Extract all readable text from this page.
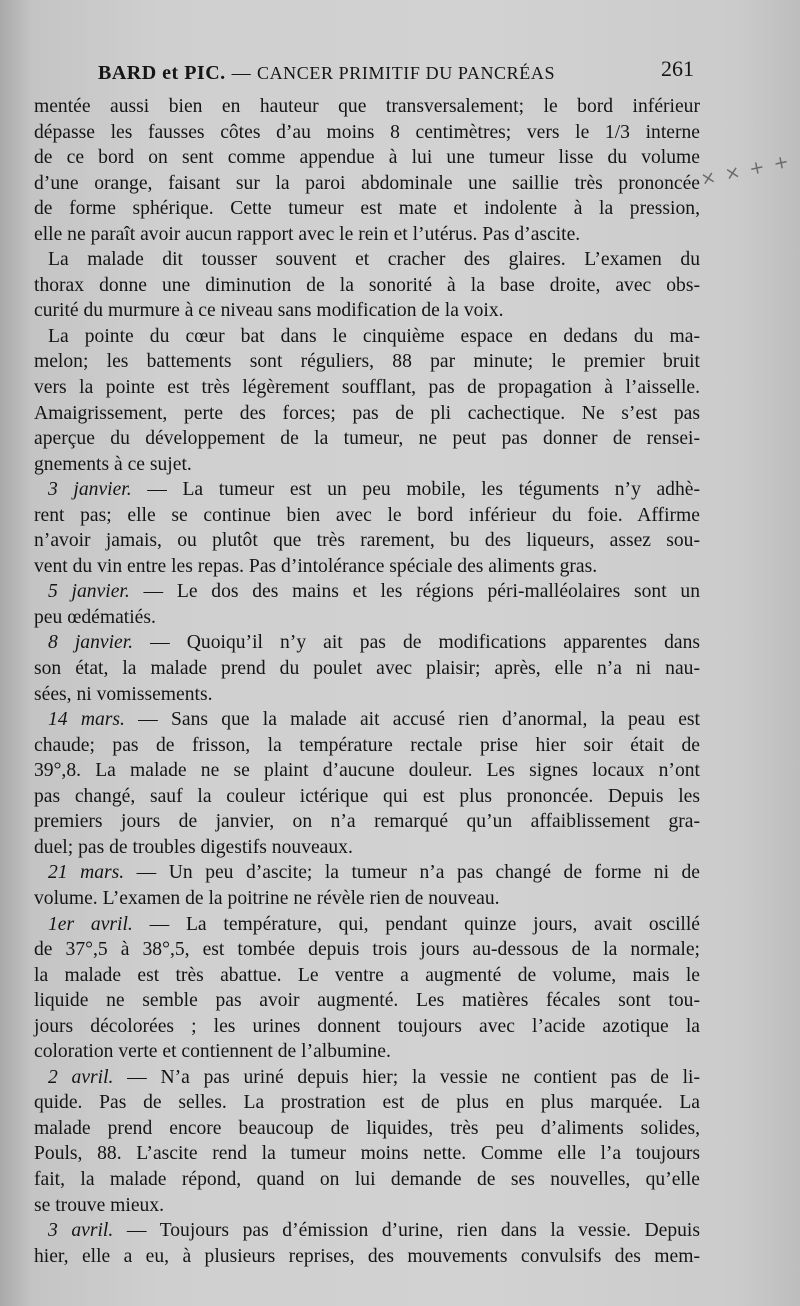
BARD et PIC. — CANCER PRIMITIF DU PANCRÉAS	261
× × + +
mentée aussi bien en hauteur que transversalement; le bord inférieur
dépasse les fausses côtes d’au moins 8 centimètres; vers le 1/3 interne
de ce bord on sent comme appendue à lui une tumeur lisse du volume
d’une orange, faisant sur la paroi abdominale une saillie très prononcée
de forme sphérique. Cette tumeur est mate et indolente à la pression,
elle ne paraît avoir aucun rapport avec le rein et l’utérus. Pas d’ascite.
La malade dit tousser souvent et cracher des glaires. L’examen du
thorax donne une diminution de la sonorité à la base droite, avec obs-
curité du murmure à ce niveau sans modification de la voix.
La pointe du cœur bat dans le cinquième espace en dedans du ma-
melon; les battements sont réguliers, 88 par minute; le premier bruit
vers la pointe est très légèrement soufflant, pas de propagation à l’aisselle.
Amaigrissement, perte des forces; pas de pli cachectique. Ne s’est pas
aperçue du développement de la tumeur, ne peut pas donner de rensei-
gnements à ce sujet.
3 janvier. — La tumeur est un peu mobile, les téguments n’y adhè-
rent pas; elle se continue bien avec le bord inférieur du foie. Affirme
n’avoir jamais, ou plutôt que très rarement, bu des liqueurs, assez sou-
vent du vin entre les repas. Pas d’intolérance spéciale des aliments gras.
5 janvier. — Le dos des mains et les régions péri-malléolaires sont un
peu œdématiés.
8 janvier. — Quoiqu’il n’y ait pas de modifications apparentes dans
son état, la malade prend du poulet avec plaisir; après, elle n’a ni nau-
sées, ni vomissements.
14 mars. — Sans que la malade ait accusé rien d’anormal, la peau est
chaude; pas de frisson, la température rectale prise hier soir était de
39°,8. La malade ne se plaint d’aucune douleur. Les signes locaux n’ont
pas changé, sauf la couleur ictérique qui est plus prononcée. Depuis les
premiers jours de janvier, on n’a remarqué qu’un affaiblissement gra-
duel; pas de troubles digestifs nouveaux.
21 mars. — Un peu d’ascite; la tumeur n’a pas changé de forme ni de
volume. L’examen de la poitrine ne révèle rien de nouveau.
1er avril. — La température, qui, pendant quinze jours, avait oscillé
de 37°,5 à 38°,5, est tombée depuis trois jours au-dessous de la normale;
la malade est très abattue. Le ventre a augmenté de volume, mais le
liquide ne semble pas avoir augmenté. Les matières fécales sont tou-
jours décolorées ; les urines donnent toujours avec l’acide azotique la
coloration verte et contiennent de l’albumine.
2 avril. — N’a pas uriné depuis hier; la vessie ne contient pas de li-
quide. Pas de selles. La prostration est de plus en plus marquée. La
malade prend encore beaucoup de liquides, très peu d’aliments solides,
Pouls, 88. L’ascite rend la tumeur moins nette. Comme elle l’a toujours
fait, la malade répond, quand on lui demande de ses nouvelles, qu’elle
se trouve mieux.
3 avril. — Toujours pas d’émission d’urine, rien dans la vessie. Depuis
hier, elle a eu, à plusieurs reprises, des mouvements convulsifs des mem-
